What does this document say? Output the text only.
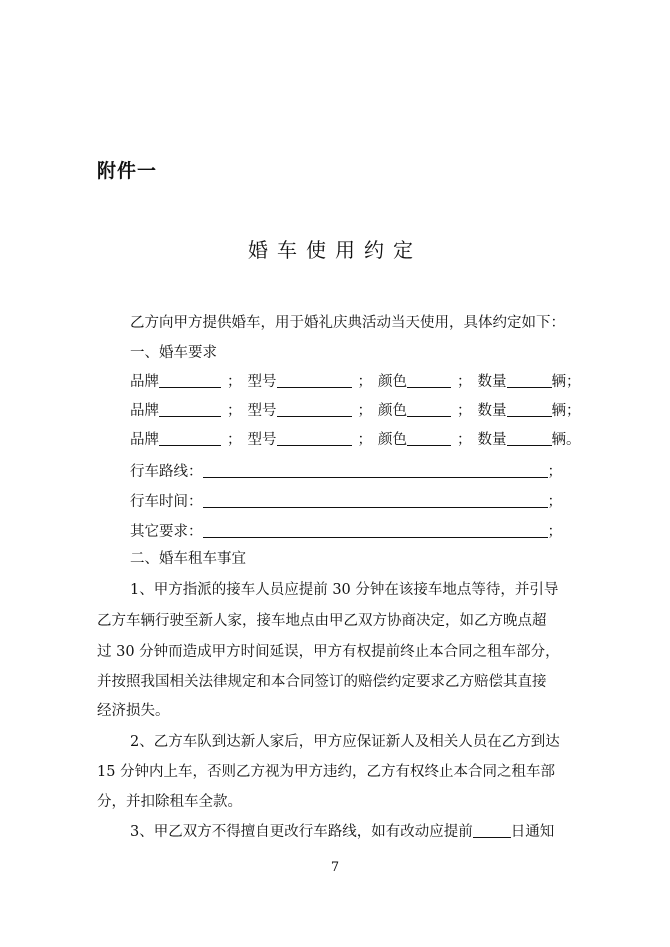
附件一
婚车使用约定
乙方向甲方提供婚车，用于婚礼庆典活动当天使用，具体约定如下：
一、婚车要求
品牌	； 型号	； 颜色	； 数量	辆；
品牌	； 型号	； 颜色	； 数量	辆；
品牌	； 型号	； 颜色	； 数量	辆。
行车路线：	；
行车时间：	；
其它要求：	；
二、婚车租车事宜
1、甲方指派的接车人员应提前 30 分钟在该接车地点等待，并引导
乙方车辆行驶至新人家，接车地点由甲乙双方协商决定，如乙方晚点超
过 30 分钟而造成甲方时间延误，甲方有权提前终止本合同之租车部分，
并按照我国相关法律规定和本合同签订的赔偿约定要求乙方赔偿其直接
经济损失。
2、乙方车队到达新人家后，甲方应保证新人及相关人员在乙方到达
15 分钟内上车，否则乙方视为甲方违约，乙方有权终止本合同之租车部
分，并扣除租车全款。
3、甲乙双方不得擅自更改行车路线，如有改动应提前	日通知
7
